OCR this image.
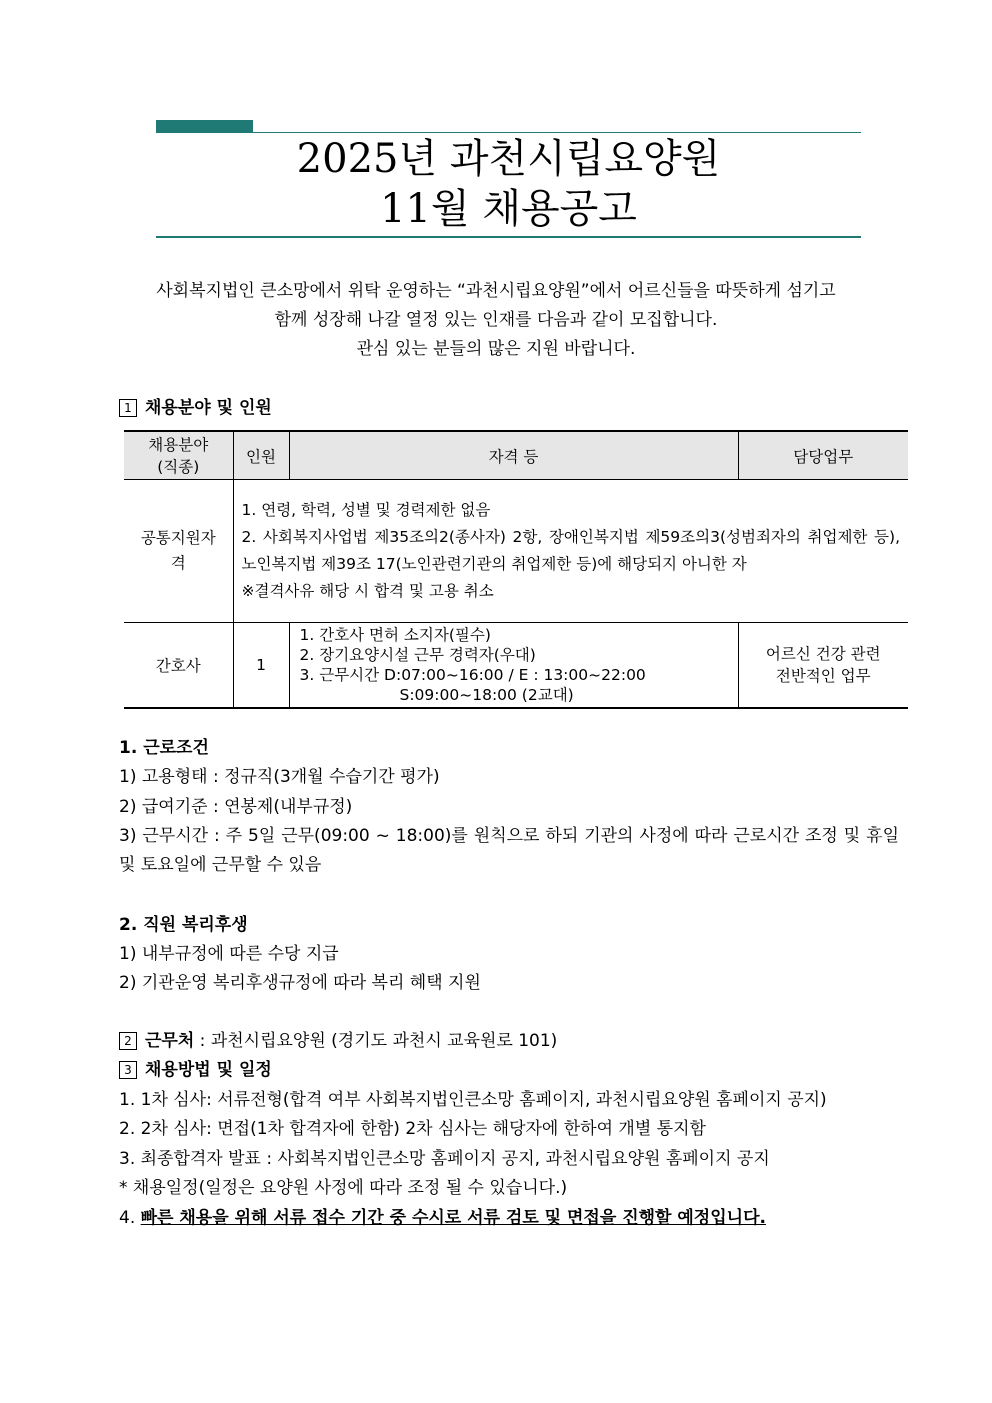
2025년 과천시립요양원
11월 채용공고
사회복지법인 큰소망에서 위탁 운영하는 “과천시립요양원”에서 어르신들을 따뜻하게 섬기고
함께 성장해 나갈 열정 있는 인재를 다음과 같이 모집합니다.
관심 있는 분들의 많은 지원 바랍니다.
1 채용분야 및 인원
채용분야 (직종)	인원	자격 등	담당업무

공통지원자격	1. 연령, 학력, 성별 및 경력제한 없음
2. 사회복지사업법 제35조의2(종사자) 2항, 장애인복지법 제59조의3(성범죄자의 취업제한 등), 노인복지법 제39조 17(노인관련기관의 취업제한 등)에 해당되지 아니한 자
※결격사유 해당 시 합격 및 고용 취소		

간호사	1	1. 간호사 면허 소지자(필수)
2. 장기요양시설 근무 경력자(우대)
3. 근무시간 D:07:00~16:00 / E : 13:00~22:00
S:09:00~18:00 (2교대)	어르신 건강 관련 전반적인 업무
1. 근로조건
1) 고용형태 : 정규직(3개월 수습기간 평가)
2) 급여기준 : 연봉제(내부규정)
3) 근무시간 : 주 5일 근무(09:00 ~ 18:00)를 원칙으로 하되 기관의 사정에 따라 근로시간 조정 및 휴일 및 토요일에 근무할 수 있음
2. 직원 복리후생
1) 내부규정에 따른 수당 지급
2) 기관운영 복리후생규정에 따라 복리 혜택 지원
2 근무처 : 과천시립요양원 (경기도 과천시 교육원로 101)
3 채용방법 및 일정
1. 1차 심사: 서류전형(합격 여부 사회복지법인큰소망 홈페이지, 과천시립요양원 홈페이지 공지)
2. 2차 심사: 면접(1차 합격자에 한함) 2차 심사는 해당자에 한하여 개별 통지함
3. 최종합격자 발표 : 사회복지법인큰소망 홈페이지 공지, 과천시립요양원 홈페이지 공지
* 채용일정(일정은 요양원 사정에 따라 조정 될 수 있습니다.)
4. 빠른 채용을 위해 서류 접수 기간 중 수시로 서류 검토 및 면접을 진행할 예정입니다.
